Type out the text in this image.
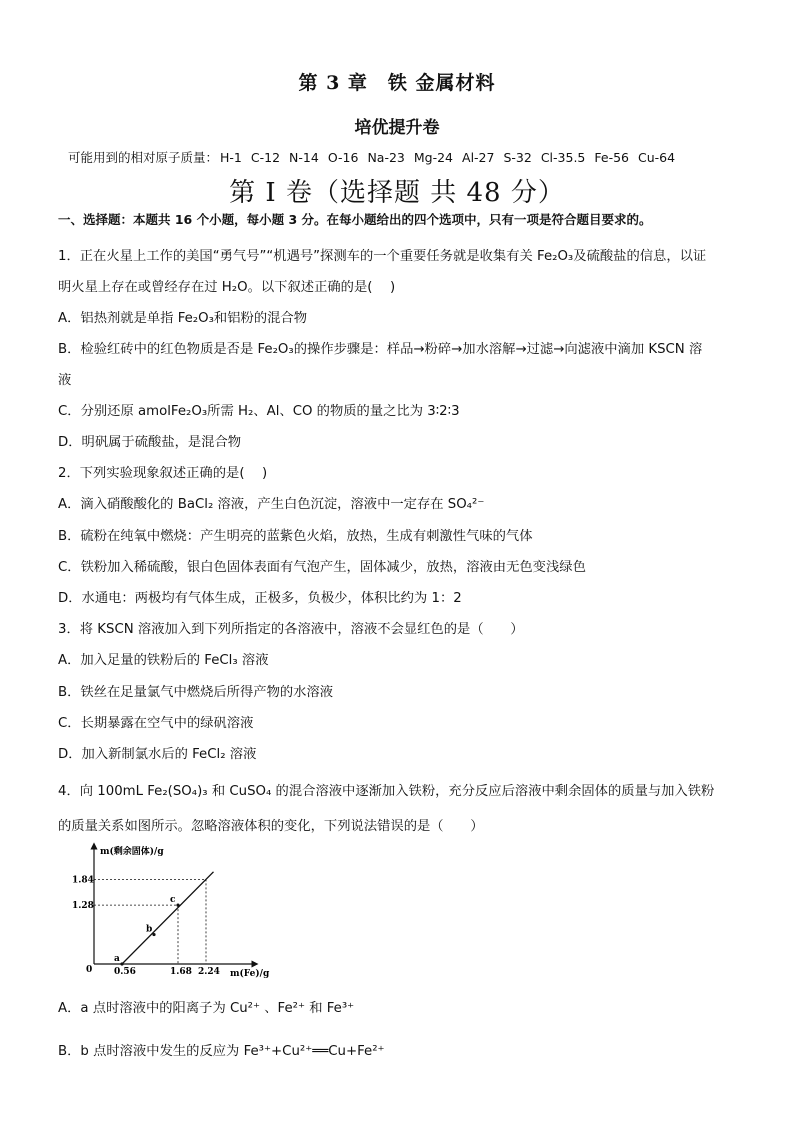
第 3 章　铁 金属材料
培优提升卷
可能用到的相对原子质量： H-1 C-12 N-14 O-16 Na-23 Mg-24 Al-27 S-32 Cl-35.5 Fe-56 Cu-64
第 I 卷（选择题 共 48 分）
一、选择题：本题共 16 个小题，每小题 3 分。在每小题给出的四个选项中，只有一项是符合题目要求的。
1．正在火星上工作的美国“勇气号”“机遇号”探测车的一个重要任务就是收集有关 Fe₂O₃及硫酸盐的信息，以证
明火星上存在或曾经存在过 H₂O。以下叙述正确的是(　 )
A．铝热剂就是单指 Fe₂O₃和铝粉的混合物
B．检验红砖中的红色物质是否是 Fe₂O₃的操作步骤是：样品→粉碎→加水溶解→过滤→向滤液中滴加 KSCN 溶
液
C．分别还原 amolFe₂O₃所需 H₂、Al、CO 的物质的量之比为 3∶2∶3
D．明矾属于硫酸盐，是混合物
2．下列实验现象叙述正确的是(　 )
A．滴入硝酸酸化的 BaCl₂ 溶液，产生白色沉淀，溶液中一定存在 SO₄²⁻
B．硫粉在纯氧中燃烧：产生明亮的蓝紫色火焰，放热，生成有刺激性气味的气体
C．铁粉加入稀硫酸，银白色固体表面有气泡产生，固体减少，放热，溶液由无色变浅绿色
D．水通电：两极均有气体生成，正极多，负极少，体积比约为 1：2
3．将 KSCN 溶液加入到下列所指定的各溶液中，溶液不会显红色的是（　　）
A．加入足量的铁粉后的 FeCl₃ 溶液
B．铁丝在足量氯气中燃烧后所得产物的水溶液
C．长期暴露在空气中的绿矾溶液
D．加入新制氯水后的 FeCl₂ 溶液
4．向 100mL Fe₂(SO₄)₃ 和 CuSO₄ 的混合溶液中逐渐加入铁粉，充分反应后溶液中剩余固体的质量与加入铁粉
的质量关系如图所示。忽略溶液体积的变化，下列说法错误的是（　　）
0.56	1.68 2.24
1.84
1.28
a
b
c
m(剩余固体)/g
m(Fe)/g
0
A．a 点时溶液中的阳离子为 Cu²⁺ 、Fe²⁺ 和 Fe³⁺
B．b 点时溶液中发生的反应为 Fe³⁺+Cu²⁺══Cu+Fe²⁺
